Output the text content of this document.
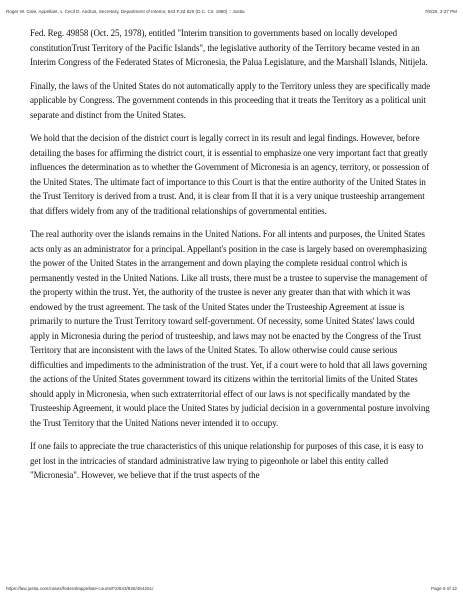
Roger W. Gale, Appellant, v. Cecil D. Andrus, Secretary, Department of Interior, 643 F.2d 826 (D.C. Cir. 1980) :: Justia	7/6/20, 3:27 PM

Fed. Reg. 49858 (Oct. 25, 1978), entitled "Interim transition to governments based on locally developed constitutionTrust Territory of the Pacific Islands", the legislative authority of the Territory became vested in an Interim Congress of the Federated States of Micronesia, the Palua Legislature, and the Marshall Islands, Nitijela.

Finally, the laws of the United States do not automatically apply to the Territory unless they are specifically made applicable by Congress. The government contends in this proceeding that it treats the Territory as a political unit separate and distinct from the United States.

We hold that the decision of the district court is legally correct in its result and legal findings. However, before detailing the bases for affirming the district court, it is essential to emphasize one very important fact that greatly influences the determination as to whether the Government of Micronesia is an agency, territory, or possession of the United States. The ultimate fact of importance to this Court is that the entire authority of the United States in the Trust Territory is derived from a trust. And, it is clear from II that it is a very unique trusteeship arrangement that differs widely from any of the traditional relationships of governmental entities.

The real authority over the islands remains in the United Nations. For all intents and purposes, the United States acts only as an administrator for a principal. Appellant's position in the case is largely based on overemphasizing the power of the United States in the arrangement and down playing the complete residual control which is permanently vested in the United Nations. Like all trusts, there must be a trustee to supervise the management of the property within the trust. Yet, the authority of the trustee is never any greater than that with which it was endowed by the trust agreement. The task of the United States under the Trusteeship Agreement at issue is primarily to nurture the Trust Territory toward self-government. Of necessity, some United States' laws could apply in Micronesia during the period of trusteeship, and laws may not be enacted by the Congress of the Trust Territory that are inconsistent with the laws of the United States. To allow otherwise could cause serious difficulties and impediments to the administration of the trust. Yet, if a court were to hold that all laws governing the actions of the United States government toward its citizens within the territorial limits of the United States should apply in Micronesia, when such extraterritorial effect of our laws is not specifically mandated by the Trusteeship Agreement, it would place the United States by judicial decision in a governmental posture involving the Trust Territory that the United Nations never intended it to occupy.

If one fails to appreciate the true characteristics of this unique relationship for purposes of this case, it is easy to get lost in the intricacies of standard administrative law trying to pigeonhole or label this entity called "Micronesia". However, we believe that if the trust aspects of the

https://law.justia.com/cases/federal/appellate-courts/F2/643/826/464261/	Page 6 of 12
